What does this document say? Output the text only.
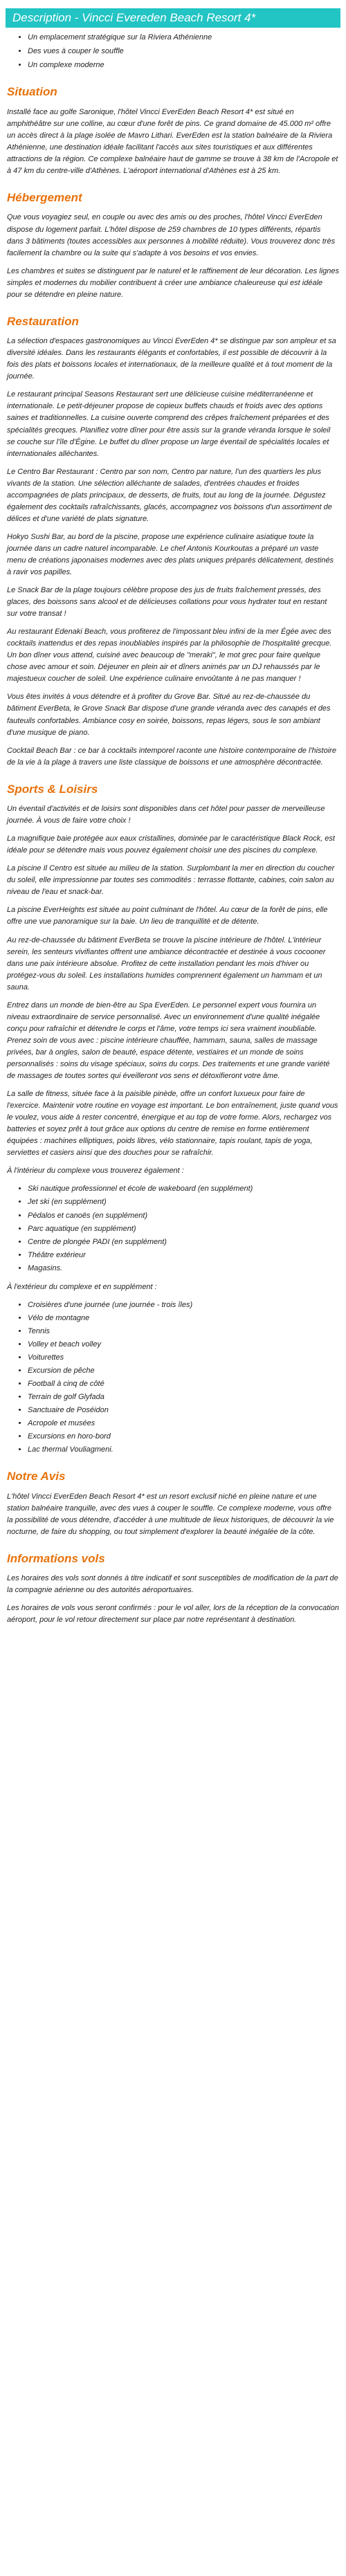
Description - Vincci Evereden Beach Resort 4*
• Un emplacement stratégique sur la Riviera Athénienne
• Des vues à couper le souffle
• Un complexe moderne
Situation

Installé face au golfe Saronique, l'hôtel Vincci EverEden Beach Resort 4* est situé en amphithéâtre sur une colline, au cœur d'une forêt de pins. Ce grand domaine de 45.000 m² offre un accès direct à la plage isolée de Mavro Lithari. EverEden est la station balnéaire de la Riviera Athénienne, une destination idéale facilitant l'accès aux sites touristiques et aux différentes attractions de la région. Ce complexe balnéaire haut de gamme se trouve à 38 km de l'Acropole et à 47 km du centre-ville d'Athènes. L'aéroport international d'Athènes est à 25 km.

Hébergement

Que vous voyagiez seul, en couple ou avec des amis ou des proches, l'hôtel Vincci EverEden dispose du logement parfait. L'hôtel dispose de 259 chambres de 10 types différents, répartis dans 3 bâtiments (toutes accessibles aux personnes à mobilité réduite). Vous trouverez donc très facilement la chambre ou la suite qui s'adapte à vos besoins et vos envies.

Les chambres et suites se distinguent par le naturel et le raffinement de leur décoration. Les lignes simples et modernes du mobilier contribuent à créer une ambiance chaleureuse qui est idéale pour se détendre en pleine nature.

Restauration

La sélection d'espaces gastronomiques au Vincci EverEden 4* se distingue par son ampleur et sa diversité idéales. Dans les restaurants élégants et confortables, il est possible de découvrir à la fois des plats et boissons locales et internationaux, de la meilleure qualité et à tout moment de la journée.

Le restaurant principal Seasons Restaurant sert une délicieuse cuisine méditerranéenne et internationale. Le petit-déjeuner propose de copieux buffets chauds et froids avec des options saines et traditionnelles. La cuisine ouverte comprend des crêpes fraîchement préparées et des spécialités grecques. Planifiez votre dîner pour être assis sur la grande véranda lorsque le soleil se couche sur l'île d'Égine. Le buffet du dîner propose un large éventail de spécialités locales et internationales alléchantes.

Le Centro Bar Restaurant : Centro par son nom, Centro par nature, l'un des quartiers les plus vivants de la station. Une sélection alléchante de salades, d'entrées chaudes et froides accompagnées de plats principaux, de desserts, de fruits, tout au long de la journée. Dégustez également des cocktails rafraîchissants, glacés, accompagnez vos boissons d'un assortiment de délices et d'une variété de plats signature.

Hokyo Sushi Bar, au bord de la piscine, propose une expérience culinaire asiatique toute la journée dans un cadre naturel incomparable. Le chef Antonis Kourkoutas a préparé un vaste menu de créations japonaises modernes avec des plats uniques préparés délicatement, destinés à ravir vos papilles.

Le Snack Bar de la plage toujours célèbre propose des jus de fruits fraîchement pressés, des glaces, des boissons sans alcool et de délicieuses collations pour vous hydrater tout en restant sur votre transat !

Au restaurant Edenaki Beach, vous profiterez de l'impossant bleu infini de la mer Égée avec des cocktails inattendus et des repas inoubliables inspirés par la philosophie de l'hospitalité grecque. Un bon dîner vous attend, cuisiné avec beaucoup de "meraki", le mot grec pour faire quelque chose avec amour et soin. Déjeuner en plein air et dîners animés par un DJ rehaussés par le majestueux coucher de soleil. Une expérience culinaire envoûtante à ne pas manquer !

Vous êtes invités à vous détendre et à profiter du Grove Bar. Situé au rez-de-chaussée du bâtiment EverBeta, le Grove Snack Bar dispose d'une grande véranda avec des canapés et des fauteuils confortables. Ambiance cosy en soirée, boissons, repas légers, sous le son ambiant d'une musique de piano.

Cocktail Beach Bar : ce bar à cocktails intemporel raconte une histoire contemporaine de l'histoire de la vie à la plage à travers une liste classique de boissons et une atmosphère décontractée.

Sports & Loisirs

Un éventail d'activités et de loisirs sont disponibles dans cet hôtel pour passer de merveilleuse journée. À vous de faire votre choix !

La magnifique baie protégée aux eaux cristallines, dominée par le caractéristique Black Rock, est idéale pour se détendre mais vous pouvez également choisir une des piscines du complexe.

La piscine Il Centro est située au milieu de la station. Surplombant la mer en direction du coucher du soleil, elle impressionne par toutes ses commodités : terrasse flottante, cabines, coin salon au niveau de l'eau et snack-bar.

La piscine EverHeights est située au point culminant de l'hôtel. Au cœur de la forêt de pins, elle offre une vue panoramique sur la baie. Un lieu de tranquillité et de détente.

Au rez-de-chaussée du bâtiment EverBeta se trouve la piscine intérieure de l'hôtel. L'intérieur serein, les senteurs vivifiantes offrent une ambiance décontractée et destinée à vous cocooner dans une paix intérieure absolue. Profitez de cette installation pendant les mois d'hiver ou protégez-vous du soleil. Les installations humides comprennent également un hammam et un sauna.

Entrez dans un monde de bien-être au Spa EverEden. Le personnel expert vous fournira un niveau extraordinaire de service personnalisé. Avec un environnement d'une qualité inégalée conçu pour rafraîchir et détendre le corps et l'âme, votre temps ici sera vraiment inoubliable. Prenez soin de vous avec : piscine intérieure chauffée, hammam, sauna, salles de massage privées, bar à ongles, salon de beauté, espace détente, vestiaires et un monde de soins personnalisés : soins du visage spéciaux, soins du corps. Des traitements et une grande variété de massages de toutes sortes qui éveilleront vos sens et détoxifieront votre âme.

La salle de fitness, située face à la paisible pinède, offre un confort luxueux pour faire de l'exercice. Maintenir votre routine en voyage est important. Le bon entraînement, juste quand vous le voulez, vous aide à rester concentré, énergique et au top de votre forme. Alors, rechargez vos batteries et soyez prêt à tout grâce aux options du centre de remise en forme entièrement équipées : machines elliptiques, poids libres, vélo stationnaire, tapis roulant, tapis de yoga, serviettes et casiers ainsi que des douches pour se rafraîchir.

À l'intérieur du complexe vous trouverez également :

• Ski nautique professionnel et école de wakeboard (en supplément)
• Jet ski (en supplément)
• Pédalos et canoës (en supplément)
• Parc aquatique (en supplément)
• Centre de plongée PADI (en supplément)
• Théâtre extérieur
• Magasins.

À l'extérieur du complexe et en supplément :

• Croisières d'une journée (une journée - trois îles)
• Vélo de montagne
• Tennis
• Volley et beach volley
• Voiturettes
• Excursion de pêche
• Football à cinq de côté
• Terrain de golf Glyfada
• Sanctuaire de Poséidon
• Acropole et musées
• Excursions en horo-bord
• Lac thermal Vouliagmeni.
Notre Avis

L'hôtel Vincci EverEden Beach Resort 4* est un resort exclusif niché en pleine nature et une station balnéaire tranquille, avec des vues à couper le souffle. Ce complexe moderne, vous offre la possibilité de vous détendre, d'accéder à une multitude de lieux historiques, de découvrir la vie nocturne, de faire du shopping, ou tout simplement d'explorer la beauté inégalée de la côte.

Informations vols

Les horaires des vols sont donnés à titre indicatif et sont susceptibles de modification de la part de la compagnie aérienne ou des autorités aéroportuaires.

Les horaires de vols vous seront confirmés : pour le vol aller, lors de la réception de la convocation aéroport, pour le vol retour directement sur place par notre représentant à destination.
